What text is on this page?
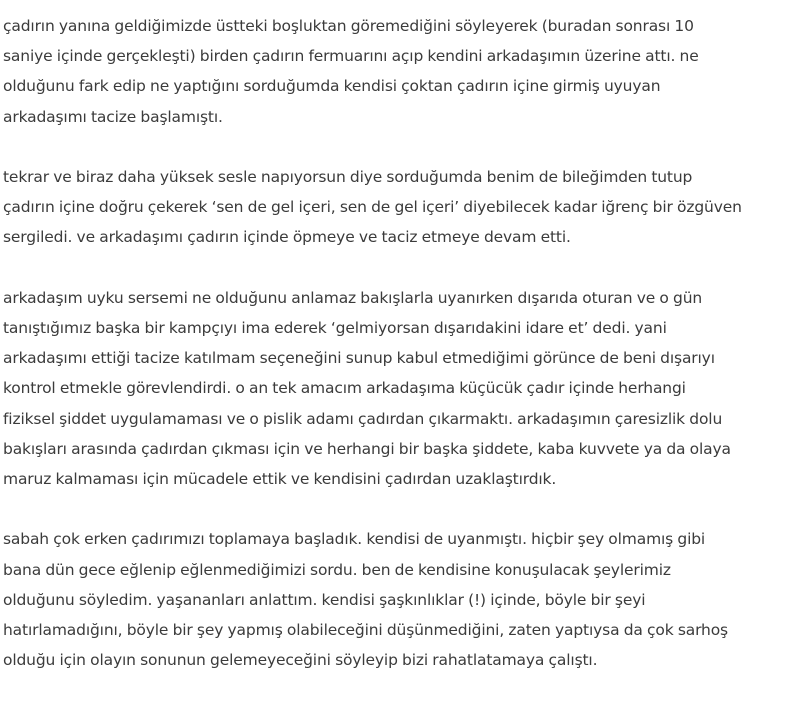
çadırın yanına geldiğimizde üstteki boşluktan göremediğini söyleyerek (buradan sonrası 10
saniye içinde gerçekleşti) birden çadırın fermuarını açıp kendini arkadaşımın üzerine attı. ne
olduğunu fark edip ne yaptığını sorduğumda kendisi çoktan çadırın içine girmiş uyuyan
arkadaşımı tacize başlamıştı.

tekrar ve biraz daha yüksek sesle napıyorsun diye sorduğumda benim de bileğimden tutup
çadırın içine doğru çekerek ‘sen de gel içeri, sen de gel içeri’ diyebilecek kadar iğrenç bir özgüven
sergiledi. ve arkadaşımı çadırın içinde öpmeye ve taciz etmeye devam etti.

arkadaşım uyku sersemi ne olduğunu anlamaz bakışlarla uyanırken dışarıda oturan ve o gün
tanıştığımız başka bir kampçıyı ima ederek ‘gelmiyorsan dışarıdakini idare et’ dedi. yani
arkadaşımı ettiği tacize katılmam seçeneğini sunup kabul etmediğimi görünce de beni dışarıyı
kontrol etmekle görevlendirdi. o an tek amacım arkadaşıma küçücük çadır içinde herhangi
fiziksel şiddet uygulamaması ve o pislik adamı çadırdan çıkarmaktı. arkadaşımın çaresizlik dolu
bakışları arasında çadırdan çıkması için ve herhangi bir başka şiddete, kaba kuvvete ya da olaya
maruz kalmaması için mücadele ettik ve kendisini çadırdan uzaklaştırdık.

sabah çok erken çadırımızı toplamaya başladık. kendisi de uyanmıştı. hiçbir şey olmamış gibi
bana dün gece eğlenip eğlenmediğimizi sordu. ben de kendisine konuşulacak şeylerimiz
olduğunu söyledim. yaşananları anlattım. kendisi şaşkınlıklar (!) içinde, böyle bir şeyi
hatırlamadığını, böyle bir şey yapmış olabileceğini düşünmediğini, zaten yaptıysa da çok sarhoş
olduğu için olayın sonunun gelemeyeceğini söyleyip bizi rahatlatamaya çalıştı.
